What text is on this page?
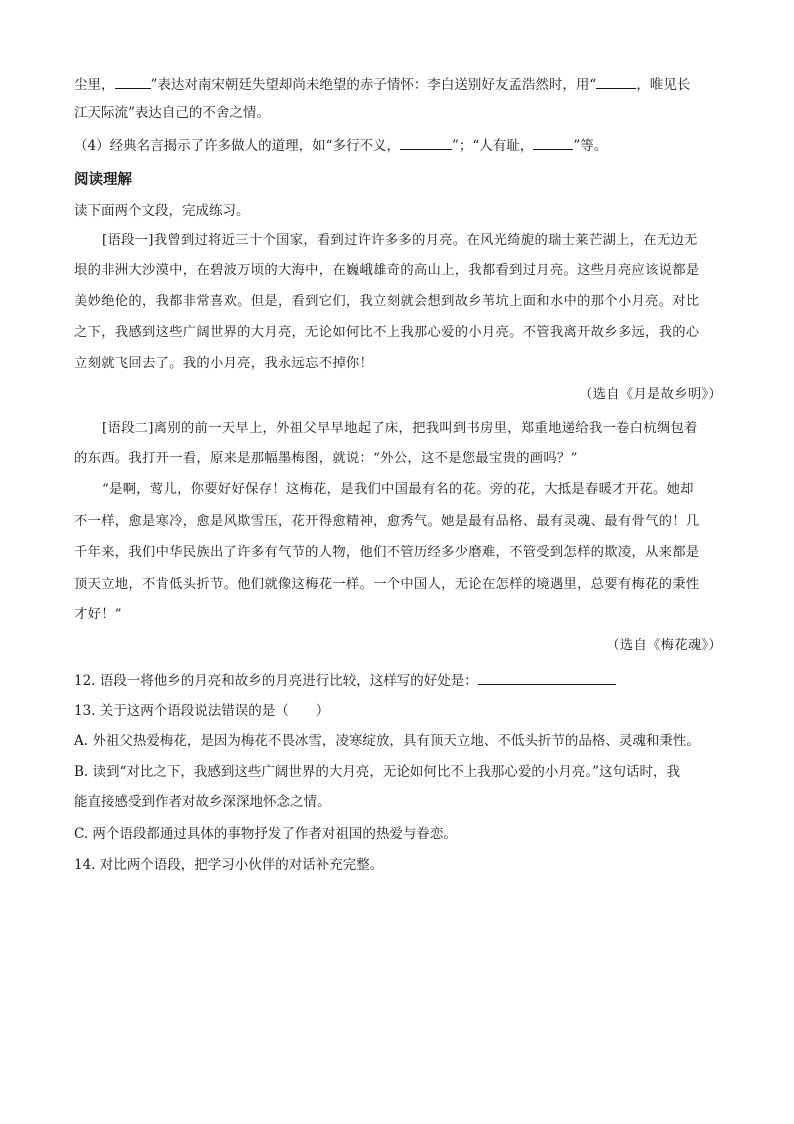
尘里，	”表达对南宋朝廷失望却尚未绝望的赤子情怀：李白送别好友孟浩然时，用“	，唯见长
江天际流”表达自己的不舍之情。
（4）经典名言揭示了许多做人的道理，如“多行不义，	”；“人有耻，	”等。
阅读理解
读下面两个文段，完成练习。
[语段一]我曾到过将近三十个国家，看到过许许多多的月亮。在风光绮旎的瑞士莱芒湖上，在无边无
垠的非洲大沙漠中，在碧波万顷的大海中，在巍峨雄奇的高山上，我都看到过月亮。这些月亮应该说都是
美妙绝伦的，我都非常喜欢。但是，看到它们，我立刻就会想到故乡苇坑上面和水中的那个小月亮。对比
之下，我感到这些广阔世界的大月亮，无论如何比不上我那心爱的小月亮。不管我离开故乡多远，我的心
立刻就飞回去了。我的小月亮，我永远忘不掉你！
（选自《月是故乡明》）
[语段二]离别的前一天早上，外祖父早早地起了床，把我叫到书房里，郑重地递给我一卷白杭绸包着
的东西。我打开一看，原来是那幅墨梅图，就说：“外公，这不是您最宝贵的画吗？”
“是啊，莺儿，你要好好保存！这梅花，是我们中国最有名的花。旁的花，大抵是春暖才开花。她却
不一样，愈是寒冷，愈是风欺雪压，花开得愈精神，愈秀气。她是最有品格、最有灵魂、最有骨气的！几
千年来，我们中华民族出了许多有气节的人物，他们不管历经多少磨难，不管受到怎样的欺凌，从来都是
顶天立地，不肯低头折节。他们就像这梅花一样。一个中国人，无论在怎样的境遇里，总要有梅花的秉性
才好！”
（选自《梅花魂》）
12. 语段一将他乡的月亮和故乡的月亮进行比较，这样写的好处是：
13. 关于这两个语段说法错误的是（　　）
A. 外祖父热爱梅花，是因为梅花不畏冰雪，凌寒绽放，具有顶天立地、不低头折节的品格、灵魂和秉性。
B. 读到“对比之下，我感到这些广阔世界的大月亮，无论如何比不上我那心爱的小月亮。”这句话时，我
能直接感受到作者对故乡深深地怀念之情。
C. 两个语段都通过具体的事物抒发了作者对祖国的热爱与眷恋。
14. 对比两个语段，把学习小伙伴的对话补充完整。
